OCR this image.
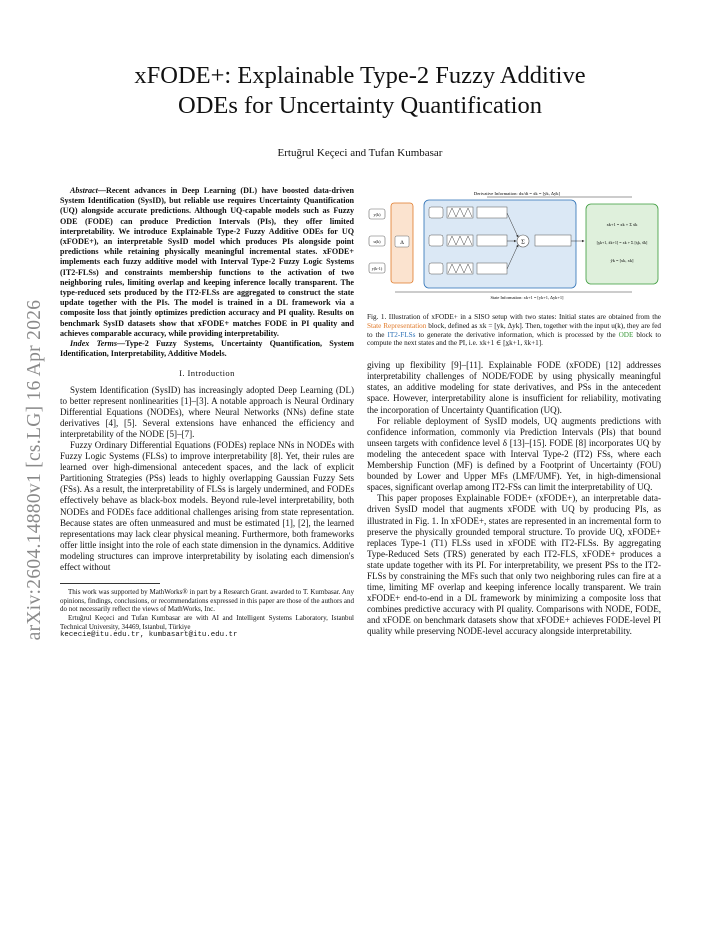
arXiv:2604.14880v1 [cs.LG] 16 Apr 2026
xFODE+: Explainable Type-2 Fuzzy Additive
ODEs for Uncertainty Quantification
Ertuğrul Keçeci and Tufan Kumbasar

Abstract—Recent advances in Deep Learning (DL) have boosted data-driven System Identification (SysID), but reliable use requires Uncertainty Quantification (UQ) alongside accurate predictions. Although UQ-capable models such as Fuzzy ODE (FODE) can produce Prediction Intervals (PIs), they offer limited interpretability. We introduce Explainable Type-2 Fuzzy Additive ODEs for UQ (xFODE+), an interpretable SysID model which produces PIs alongside point predictions while retaining physically meaningful incremental states. xFODE+ implements each fuzzy additive model with Interval Type-2 Fuzzy Logic Systems (IT2-FLSs) and constraints membership functions to the activation of two neighboring rules, limiting overlap and keeping inference locally transparent. The type-reduced sets produced by the IT2-FLSs are aggregated to construct the state update together with the PIs. The model is trained in a DL framework via a composite loss that jointly optimizes prediction accuracy and PI quality. Results on benchmark SysID datasets show that xFODE+ matches FODE in PI quality and achieves comparable accuracy, while providing interpretability.

Index Terms—Type-2 Fuzzy Systems, Uncertainty Quantification, System Identification, Interpretability, Additive Models.

I. Introduction

System Identification (SysID) has increasingly adopted Deep Learning (DL) to better represent nonlinearities [1]–[3]. A notable approach is Neural Ordinary Differential Equations (NODEs), where Neural Networks (NNs) define state derivatives [4], [5]. Several extensions have enhanced the efficiency and interpretability of the NODE [5]–[7].

Fuzzy Ordinary Differential Equations (FODEs) replace NNs in NODEs with Fuzzy Logic Systems (FLSs) to improve interpretability [8]. Yet, their rules are learned over high-dimensional antecedent spaces, and the lack of explicit Partitioning Strategies (PSs) leads to highly overlapping Gaussian Fuzzy Sets (FSs). As a result, the interpretability of FLSs is largely undermined, and FODEs effectively behave as black-box models. Beyond rule-level interpretability, both NODEs and FODEs face additional challenges arising from state representation. Because states are often unmeasured and must be estimated [1], [2], the learned representations may lack clear physical meaning. Furthermore, both frameworks offer little insight into the role of each state dimension in the dynamics. Additive modeling structures can improve interpretability by isolating each dimension's effect without

This work was supported by MathWorks® in part by a Research Grant. awarded to T. Kumbasar. Any opinions, findings, conclusions, or recommendations expressed in this paper are those of the authors and do not necessarily reflect the views of MathWorks, Inc.

Ertuğrul Keçeci and Tufan Kumbasar are with AI and Intelligent Systems Laboratory, Istanbul Technical University, 34469, Istanbul, Türkiye

kececie@itu.edu.tr, kumbasart@itu.edu.tr

Derivative Information: dx/dt = ẋk = [ẏk, Δẏk]
y(k)
u(k)
y(k-1)
Δ	Σ
xk+1 = xk + Σ ẋk
[x̲k+1, x̄k+1] = xk + Σ [ẋ̲k, ẋ̄k]
ŷk = [xk, xk]
State Information: xk+1 = [yk+1, Δyk+1]

Fig. 1. Illustration of xFODE+ in a SISO setup with two states: Initial states are obtained from the State Representation block, defined as xk = [yk, Δyk]. Then, together with the input u(k), they are fed to the IT2-FLSs to generate the derivative information, which is processed by the ODE block to compute the next states and the PI, i.e. xk+1 ∈ [x̲k+1, x̄k+1].

giving up flexibility [9]–[11]. Explainable FODE (xFODE) [12] addresses interpretability challenges of NODE/FODE by using physically meaningful states, an additive modeling for state derivatives, and PSs in the antecedent space. However, interpretability alone is insufficient for reliability, motivating the incorporation of Uncertainty Quantification (UQ).

For reliable deployment of SysID models, UQ augments predictions with confidence information, commonly via Prediction Intervals (PIs) that bound unseen targets with confidence level δ [13]–[15]. FODE [8] incorporates UQ by modeling the antecedent space with Interval Type-2 (IT2) FSs, where each Membership Function (MF) is defined by a Footprint of Uncertainty (FOU) bounded by Lower and Upper MFs (LMF/UMF). Yet, in high-dimensional spaces, significant overlap among IT2-FSs can limit the interpretability of UQ.

This paper proposes Explainable FODE+ (xFODE+), an interpretable data-driven SysID model that augments xFODE with UQ by producing PIs, as illustrated in Fig. 1. In xFODE+, states are represented in an incremental form to preserve the physically grounded temporal structure. To provide UQ, xFODE+ replaces Type-1 (T1) FLSs used in xFODE with IT2-FLSs. By aggregating Type-Reduced Sets (TRS) generated by each IT2-FLS, xFODE+ produces a state update together with its PI. For interpretability, we present PSs to the IT2-FLSs by constraining the MFs such that only two neighboring rules can fire at a time, limiting MF overlap and keeping inference locally transparent. We train xFODE+ end-to-end in a DL framework by minimizing a composite loss that combines predictive accuracy with PI quality. Comparisons with NODE, FODE, and xFODE on benchmark datasets show that xFODE+ achieves FODE-level PI quality while preserving NODE-level accuracy alongside interpretability.
